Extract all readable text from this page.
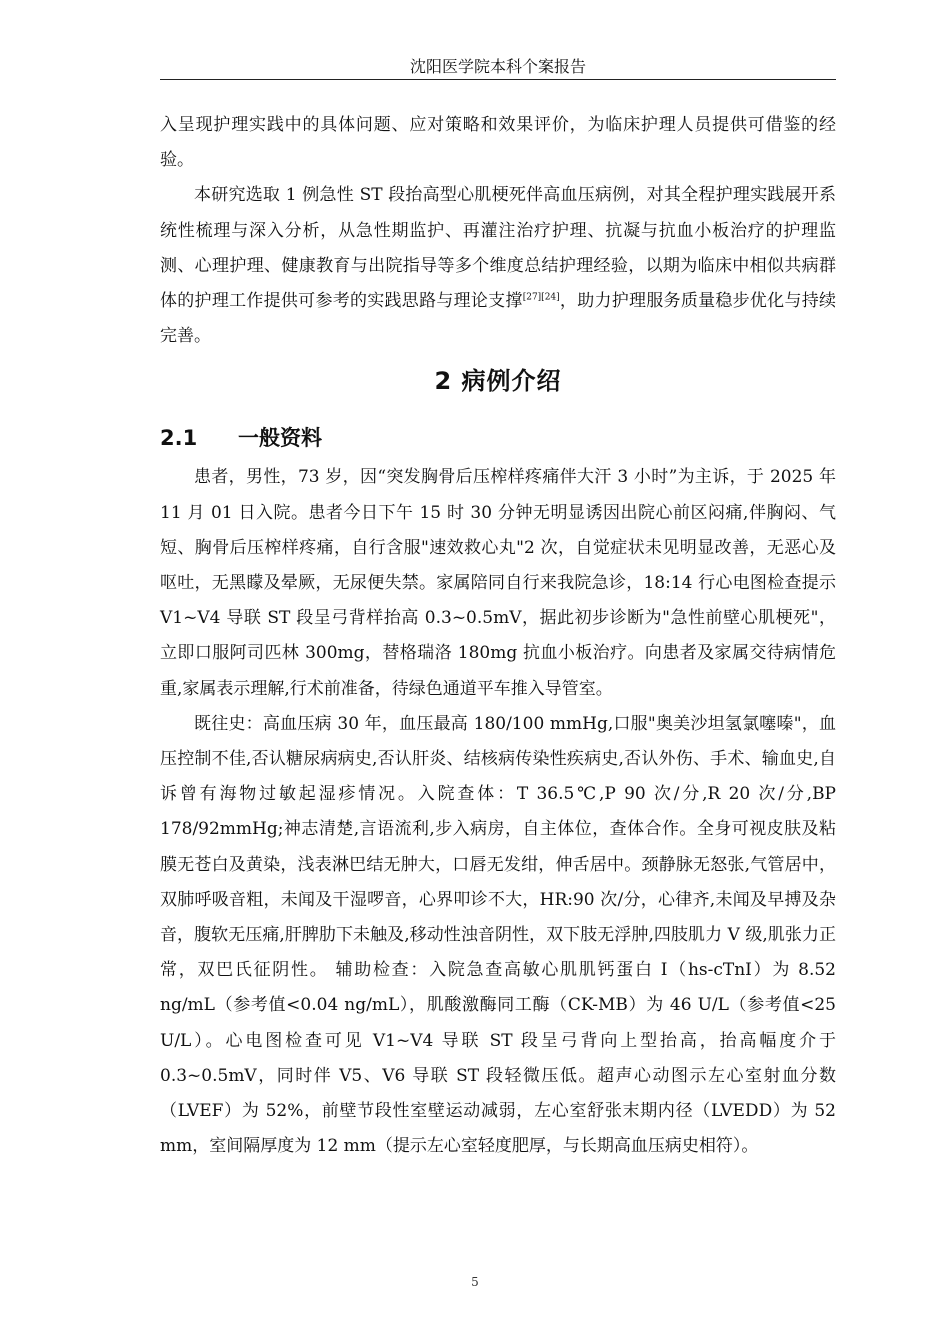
沈阳医学院本科个案报告

入呈现护理实践中的具体问题、应对策略和效果评价，为临床护理人员提供可借鉴的经验。

本研究选取 1 例急性 ST 段抬高型心肌梗死伴高血压病例，对其全程护理实践展开系统性梳理与深入分析，从急性期监护、再灌注治疗护理、抗凝与抗血小板治疗的护理监测、心理护理、健康教育与出院指导等多个维度总结护理经验，以期为临床中相似共病群体的护理工作提供可参考的实践思路与理论支撑[27][24]，助力护理服务质量稳步优化与持续完善。

2 病例介绍
2.1 一般资料

患者，男性，73 岁，因“突发胸骨后压榨样疼痛伴大汗 3 小时”为主诉，于 2025 年 11 月 01 日入院。患者今日下午 15 时 30 分钟无明显诱因出院心前区闷痛,伴胸闷、气短、胸骨后压榨样疼痛，自行含服"速效救心丸"2 次，自觉症状未见明显改善，无恶心及呕吐，无黑矇及晕厥，无尿便失禁。家属陪同自行来我院急诊，18:14 行心电图检查提示 V1~V4 导联 ST 段呈弓背样抬高 0.3~0.5mV，据此初步诊断为"急性前壁心肌梗死"，立即口服阿司匹林 300mg，替格瑞洛 180mg 抗血小板治疗。向患者及家属交待病情危重,家属表示理解,行术前准备，待绿色通道平车推入导管室。

既往史：高血压病 30 年，血压最高 180/100 mmHg,口服"奥美沙坦氢氯噻嗪"，血压控制不佳,否认糖尿病病史,否认肝炎、结核病传染性疾病史,否认外伤、手术、输血史,自诉曾有海物过敏起湿疹情况。入院查体：T 36.5℃,P 90 次/分,R 20 次/分,BP 178/92mmHg;神志清楚,言语流利,步入病房，自主体位，查体合作。全身可视皮肤及粘膜无苍白及黄染，浅表淋巴结无肿大，口唇无发绀，伸舌居中。颈静脉无怒张,气管居中，双肺呼吸音粗，未闻及干湿啰音，心界叩诊不大，HR:90 次/分，心律齐,未闻及早搏及杂音，腹软无压痛,肝脾肋下未触及,移动性浊音阴性，双下肢无浮肿,四肢肌力 V 级,肌张力正常，双巴氏征阴性。 辅助检查：入院急查高敏心肌肌钙蛋白 I（hs-cTnI）为 8.52 ng/mL（参考值<0.04 ng/mL），肌酸激酶同工酶（CK-MB）为 46 U/L（参考值<25 U/L）。心电图检查可见 V1~V4 导联 ST 段呈弓背向上型抬高，抬高幅度介于 0.3~0.5mV，同时伴 V5、V6 导联 ST 段轻微压低。超声心动图示左心室射血分数（LVEF）为 52%，前壁节段性室壁运动减弱，左心室舒张末期内径（LVEDD）为 52 mm，室间隔厚度为 12 mm（提示左心室轻度肥厚，与长期高血压病史相符）。

5
